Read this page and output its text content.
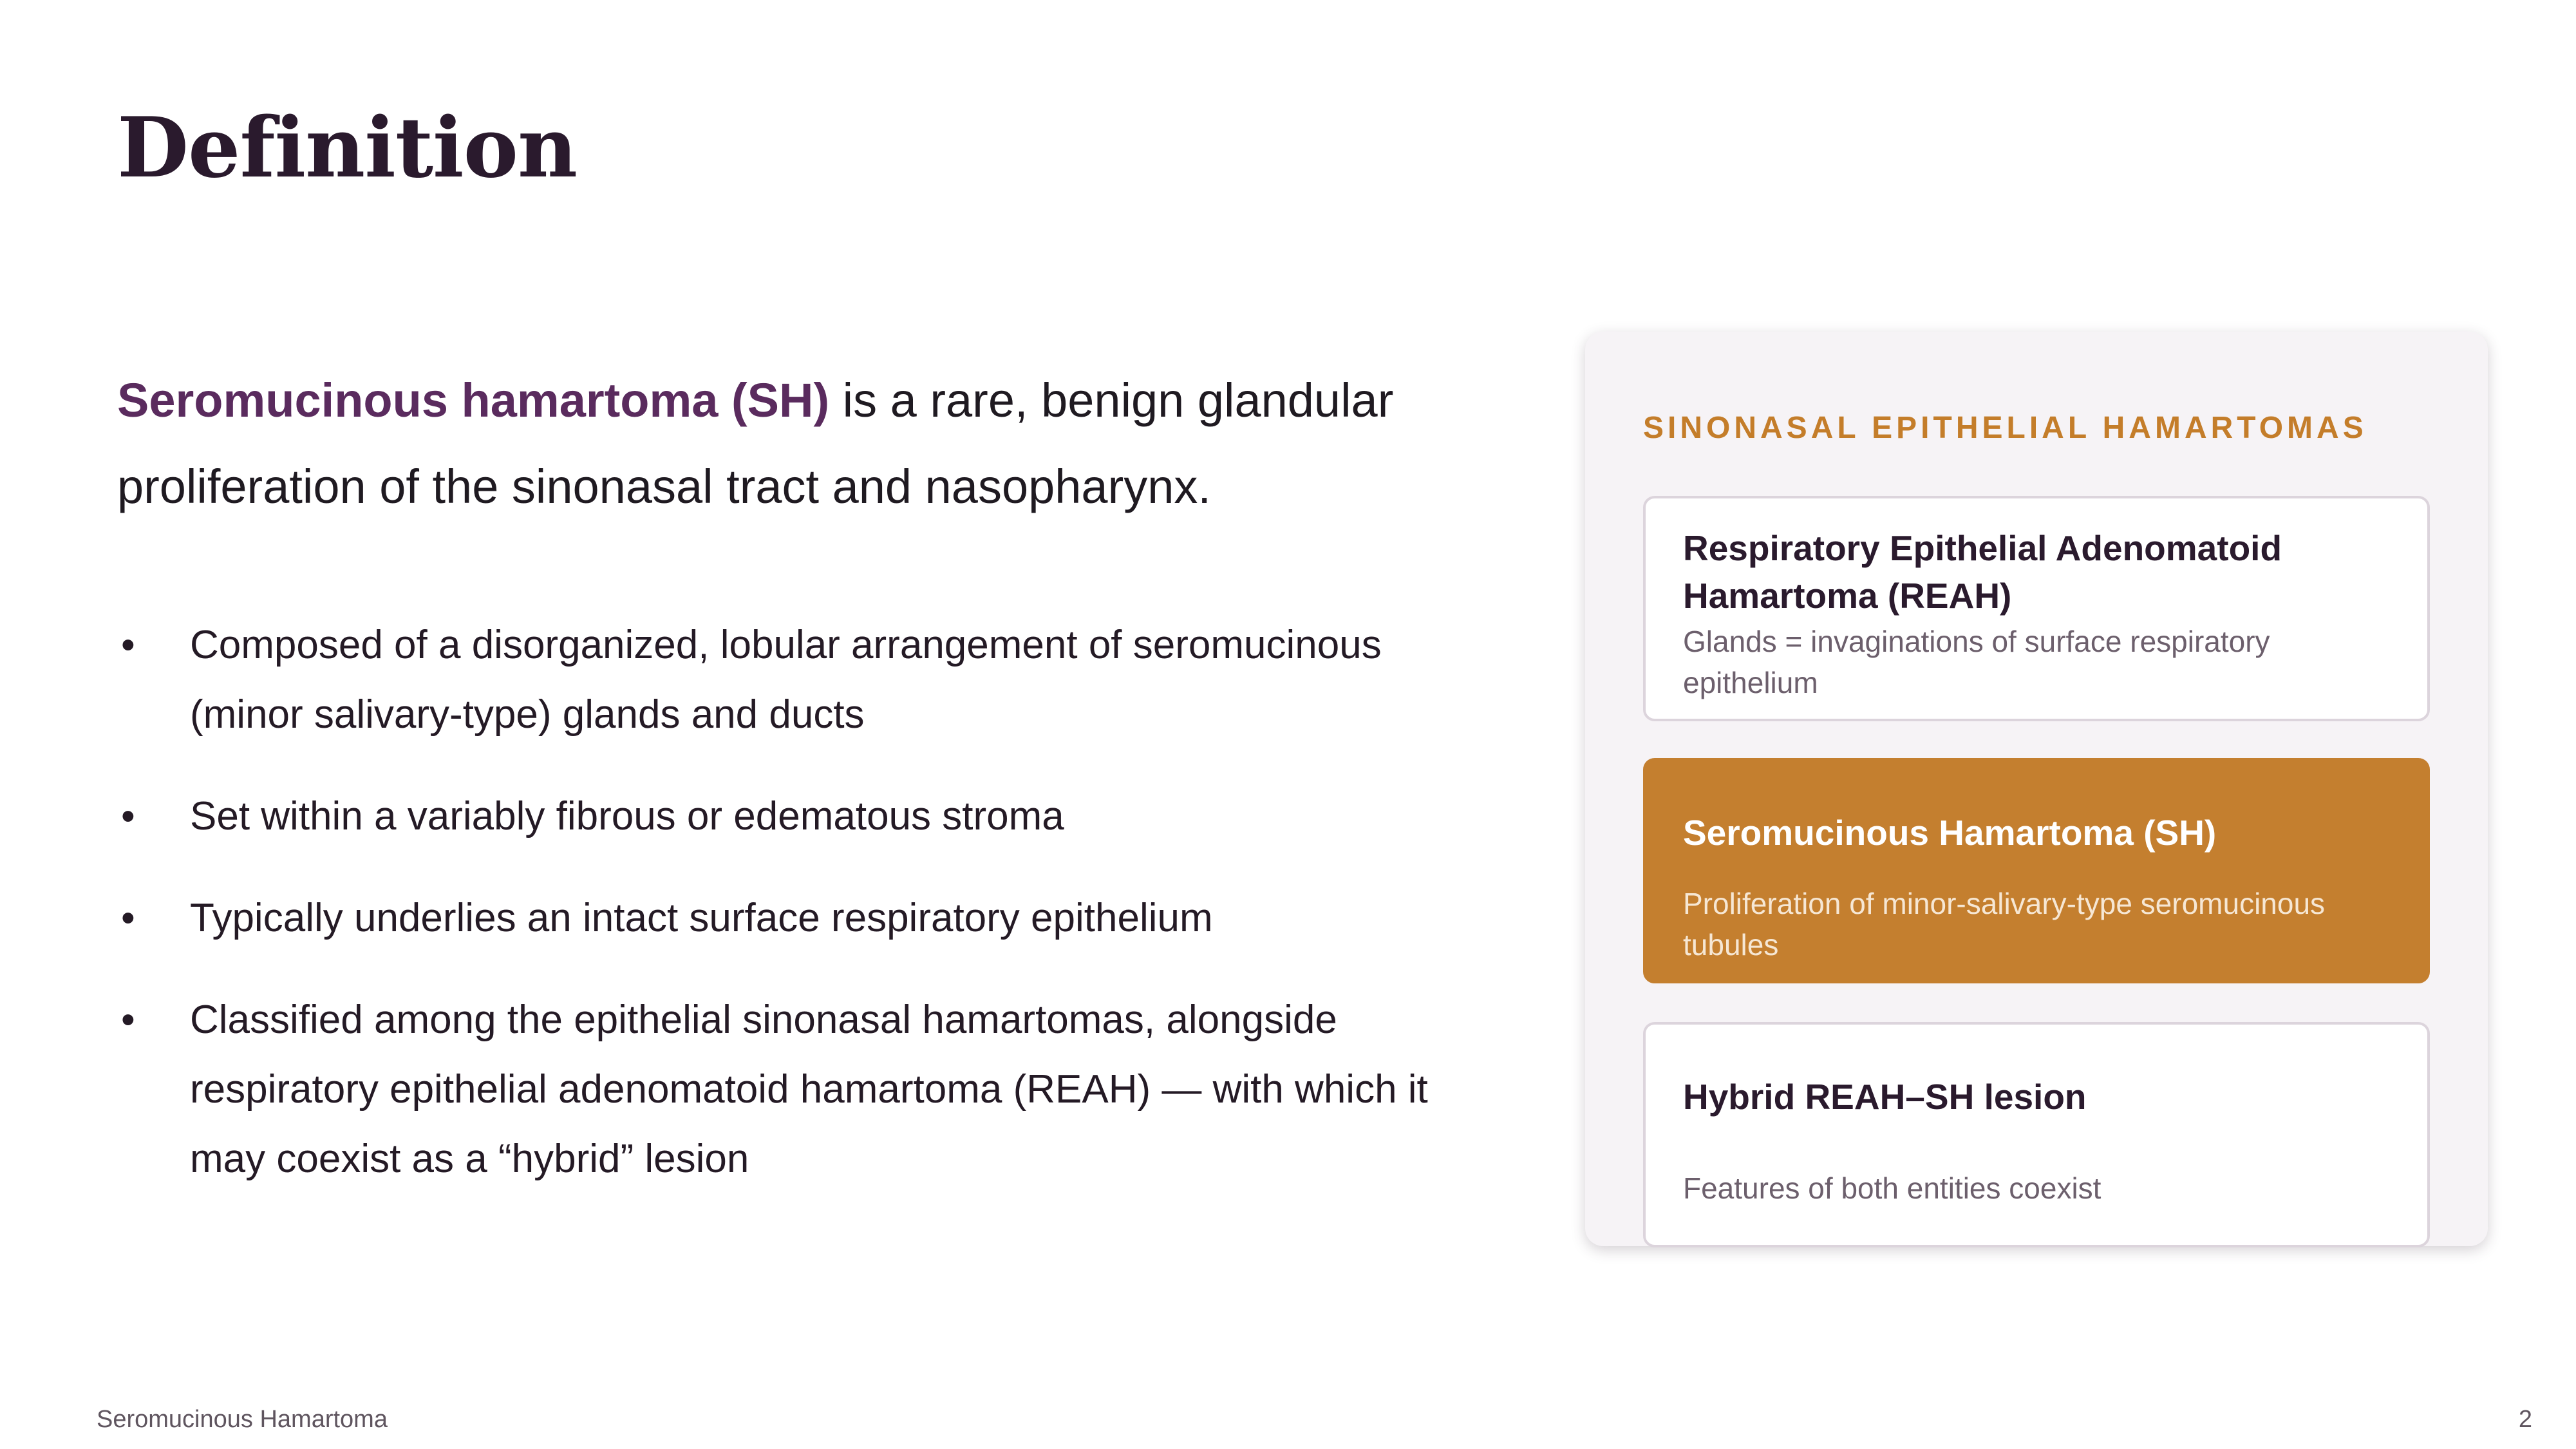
Definition

Seromucinous hamartoma (SH) is a rare, benign glandular proliferation of the sinonasal tract and nasopharynx.

• Composed of a disorganized, lobular arrangement of seromucinous (minor salivary-type) glands and ducts
• Set within a variably fibrous or edematous stroma
• Typically underlies an intact surface respiratory epithelium
• Classified among the epithelial sinonasal hamartomas, alongside respiratory epithelial adenomatoid hamartoma (REAH) — with which it may coexist as a “hybrid” lesion
SINONASAL EPITHELIAL HAMARTOMAS
Respiratory Epithelial Adenomatoid Hamartoma (REAH)
Glands = invaginations of surface respiratory epithelium
Seromucinous Hamartoma (SH)
Proliferation of minor-salivary-type seromucinous tubules
Hybrid REAH–SH lesion
Features of both entities coexist
Seromucinous Hamartoma	2
